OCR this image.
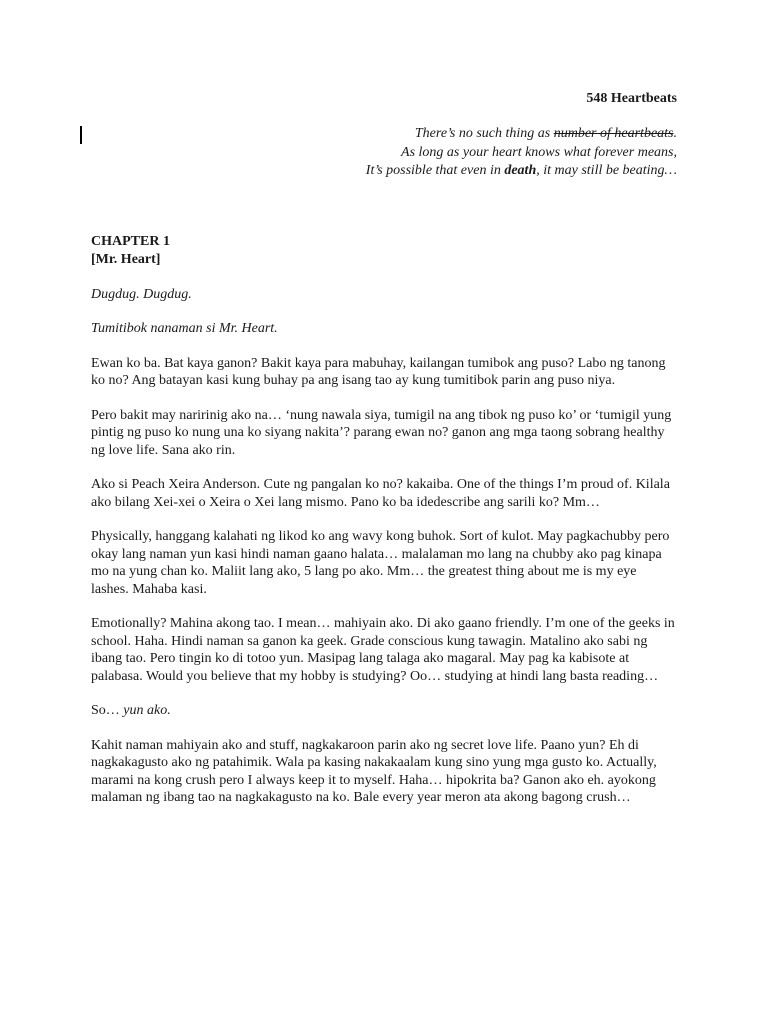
548 Heartbeats

There’s no such thing as number of heartbeats.
As long as your heart knows what forever means,
It’s possible that even in death, it may still be beating…
CHAPTER 1
[Mr. Heart]

Dugdug. Dugdug.

Tumitibok nanaman si Mr. Heart.

Ewan ko ba. Bat kaya ganon? Bakit kaya para mabuhay, kailangan tumibok ang puso? Labo ng tanong ko no? Ang batayan kasi kung buhay pa ang isang tao ay kung tumitibok parin ang puso niya.

Pero bakit may naririnig ako na… ‘nung nawala siya, tumigil na ang tibok ng puso ko’ or ‘tumigil yung pintig ng puso ko nung una ko siyang nakita’? parang ewan no? ganon ang mga taong sobrang healthy ng love life. Sana ako rin.

Ako si Peach Xeira Anderson. Cute ng pangalan ko no? kakaiba. One of the things I’m proud of. Kilala ako bilang Xei-xei o Xeira o Xei lang mismo. Pano ko ba idedescribe ang sarili ko? Mm…

Physically, hanggang kalahati ng likod ko ang wavy kong buhok. Sort of kulot. May pagkachubby pero okay lang naman yun kasi hindi naman gaano halata… malalaman mo lang na chubby ako pag kinapa mo na yung chan ko. Maliit lang ako, 5 lang po ako. Mm… the greatest thing about me is my eye lashes. Mahaba kasi.

Emotionally? Mahina akong tao. I mean… mahiyain ako. Di ako gaano friendly. I’m one of the geeks in school. Haha. Hindi naman sa ganon ka geek. Grade conscious kung tawagin. Matalino ako sabi ng ibang tao. Pero tingin ko di totoo yun. Masipag lang talaga ako magaral. May pag ka kabisote at palabasa. Would you believe that my hobby is studying? Oo… studying at hindi lang basta reading…

So… yun ako.

Kahit naman mahiyain ako and stuff, nagkakaroon parin ako ng secret love life. Paano yun? Eh di nagkakagusto ako ng patahimik. Wala pa kasing nakakaalam kung sino yung mga gusto ko. Actually, marami na kong crush pero I always keep it to myself. Haha… hipokrita ba? Ganon ako eh. ayokong malaman ng ibang tao na nagkakagusto na ko. Bale every year meron ata akong bagong crush…
